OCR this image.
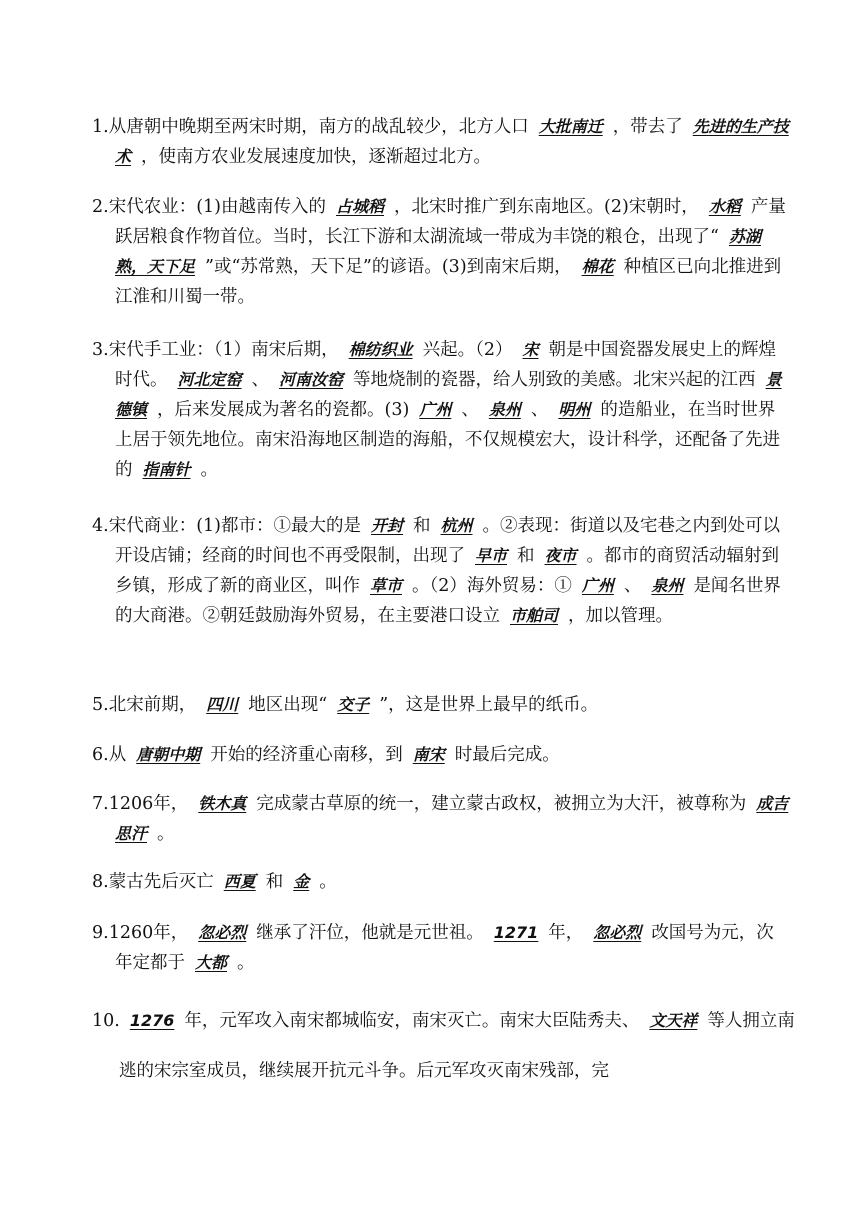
1.从唐朝中晚期至两宋时期，南方的战乱较少，北方人口 大批南迁 ，带去了 先进的生产技术 ，使南方农业发展速度加快，逐渐超过北方。
2.宋代农业：(1)由越南传入的 占城稻 ，北宋时推广到东南地区。(2)宋朝时， 水稻 产量跃居粮食作物首位。当时，长江下游和太湖流域一带成为丰饶的粮仓，出现了“ 苏湖熟，天下足 ”或“苏常熟，天下足”的谚语。(3)到南宋后期， 棉花 种植区已向北推进到江淮和川蜀一带。
3.宋代手工业：（1）南宋后期， 棉纺织业 兴起。（2） 宋 朝是中国瓷器发展史上的辉煌时代。 河北定窑 、 河南汝窑 等地烧制的瓷器，给人别致的美感。北宋兴起的江西 景德镇 ，后来发展成为著名的瓷都。(3) 广州 、 泉州 、 明州 的造船业，在当时世界上居于领先地位。南宋沿海地区制造的海船，不仅规模宏大，设计科学，还配备了先进的 指南针 。
4.宋代商业：(1)都市：①最大的是 开封 和 杭州 。②表现：街道以及宅巷之内到处可以开设店铺；经商的时间也不再受限制，出现了 早市 和 夜市 。都市的商贸活动辐射到乡镇，形成了新的商业区，叫作 草市 。（2）海外贸易：① 广州 、 泉州 是闻名世界的大商港。②朝廷鼓励海外贸易，在主要港口设立 市舶司 ，加以管理。
5.北宋前期， 四川 地区出现“ 交子 ”，这是世界上最早的纸币。
6.从 唐朝中期 开始的经济重心南移，到 南宋 时最后完成。
7.1206年， 铁木真 完成蒙古草原的统一，建立蒙古政权，被拥立为大汗，被尊称为 成吉思汗 。
8.蒙古先后灭亡 西夏 和 金 。
9.1260年， 忽必烈 继承了汗位，他就是元世祖。 1271 年， 忽必烈 改国号为元，次年定都于 大都 。
10. 1276 年，元军攻入南宋都城临安，南宋灭亡。南宋大臣陆秀夫、 文天祥 等人拥立南逃的宋宗室成员，继续展开抗元斗争。后元军攻灭南宋残部，完
